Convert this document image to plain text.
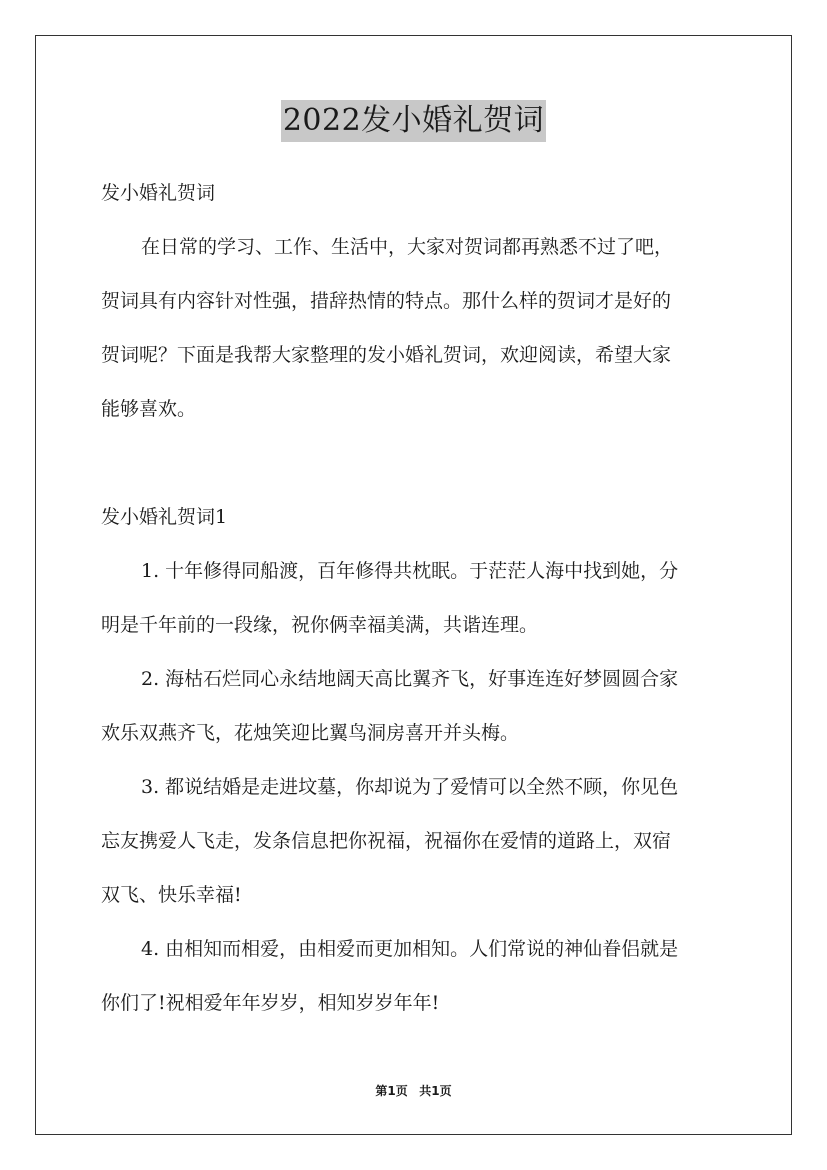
2022发小婚礼贺词
发小婚礼贺词
在日常的学习、工作、生活中，大家对贺词都再熟悉不过了吧，
贺词具有内容针对性强，措辞热情的特点。那什么样的贺词才是好的
贺词呢？下面是我帮大家整理的发小婚礼贺词，欢迎阅读，希望大家
能够喜欢。
发小婚礼贺词1
1. 十年修得同船渡，百年修得共枕眠。于茫茫人海中找到她，分
明是千年前的一段缘，祝你俩幸福美满，共谐连理。
2. 海枯石烂同心永结地阔天高比翼齐飞，好事连连好梦圆圆合家
欢乐双燕齐飞，花烛笑迎比翼鸟洞房喜开并头梅。
3. 都说结婚是走进坟墓，你却说为了爱情可以全然不顾，你见色
忘友携爱人飞走，发条信息把你祝福，祝福你在爱情的道路上，双宿
双飞、快乐幸福!
4. 由相知而相爱，由相爱而更加相知。人们常说的神仙眷侣就是
你们了!祝相爱年年岁岁，相知岁岁年年!
第1页 共1页
